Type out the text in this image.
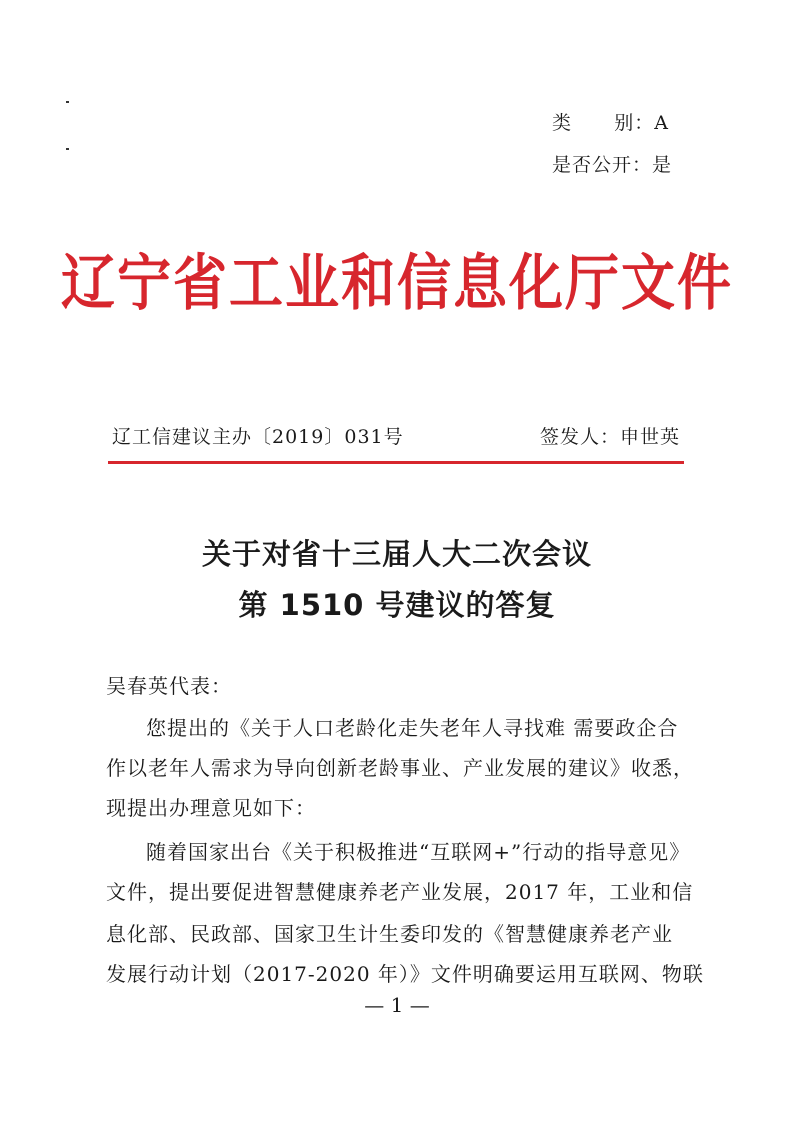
类      别：A
是否公开：是
辽宁省工业和信息化厅文件
辽工信建议主办〔2019〕031号	签发人：申世英
关于对省十三届人大二次会议
第 1510 号建议的答复
吴春英代表：
您提出的《关于人口老龄化走失老年人寻找难 需要政企合
作以老年人需求为导向创新老龄事业、产业发展的建议》收悉，
现提出办理意见如下：
随着国家出台《关于积极推进“互联网+”行动的指导意见》
文件，提出要促进智慧健康养老产业发展，2017 年，工业和信
息化部、民政部、国家卫生计生委印发的《智慧健康养老产业
发展行动计划（2017-2020 年）》文件明确要运用互联网、物联
— 1 —
